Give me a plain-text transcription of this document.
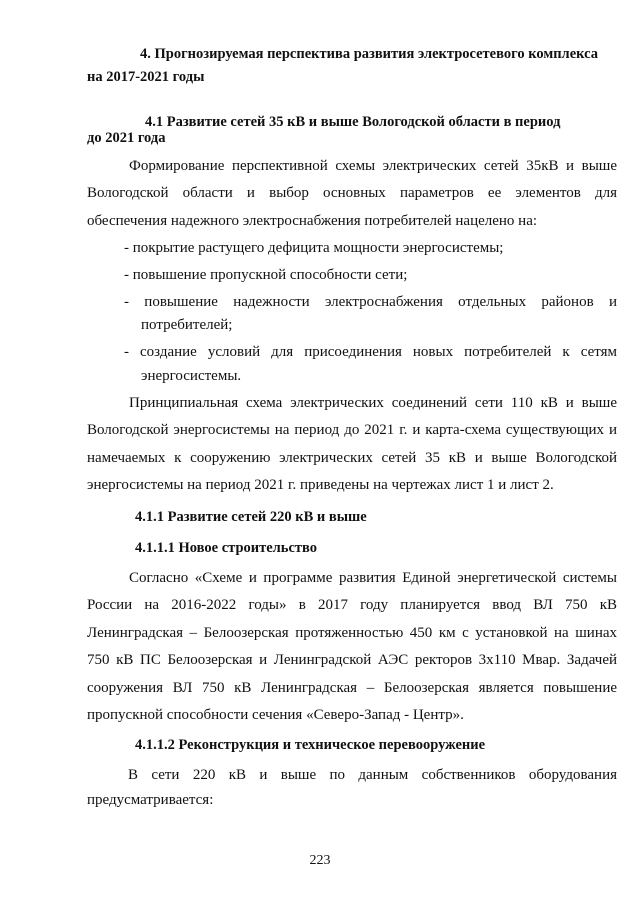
4. Прогнозируемая перспектива развития электросетевого комплекса

на 2017-2021 годы

4.1 Развитие сетей 35 кВ и выше Вологодской области в период

до 2021 года

Формирование перспективной схемы электрических сетей 35кВ и выше Вологодской области и выбор основных параметров ее элементов для обеспечения надежного электроснабжения потребителей нацелено на:

- покрытие растущего дефицита мощности энергосистемы;

- повышение пропускной способности сети;

- повышение надежности электроснабжения отдельных районов и

потребителей;

- создание условий для присоединения новых потребителей к сетям

энергосистемы.

Принципиальная схема электрических соединений сети 110 кВ и выше Вологодской энергосистемы на период до 2021 г. и карта-схема существующих и намечаемых к сооружению электрических сетей 35 кВ и выше Вологодской энергосистемы на период 2021 г. приведены на чертежах лист 1 и лист 2.

4.1.1 Развитие сетей 220 кВ и выше

4.1.1.1 Новое строительство

Согласно «Схеме и программе развития Единой энергетической системы России на 2016-2022 годы» в 2017 году планируется ввод ВЛ 750 кВ Ленинградская – Белоозерская протяженностью 450 км с установкой на шинах 750 кВ ПС Белоозерская и Ленинградской АЭС ректоров 3х110 Мвар. Задачей сооружения ВЛ 750 кВ Ленинградская – Белоозерская является повышение пропускной способности сечения «Северо-Запад - Центр».

4.1.1.2 Реконструкция и техническое перевооружение

В сети 220 кВ и выше по данным собственников оборудования

предусматривается:

223
